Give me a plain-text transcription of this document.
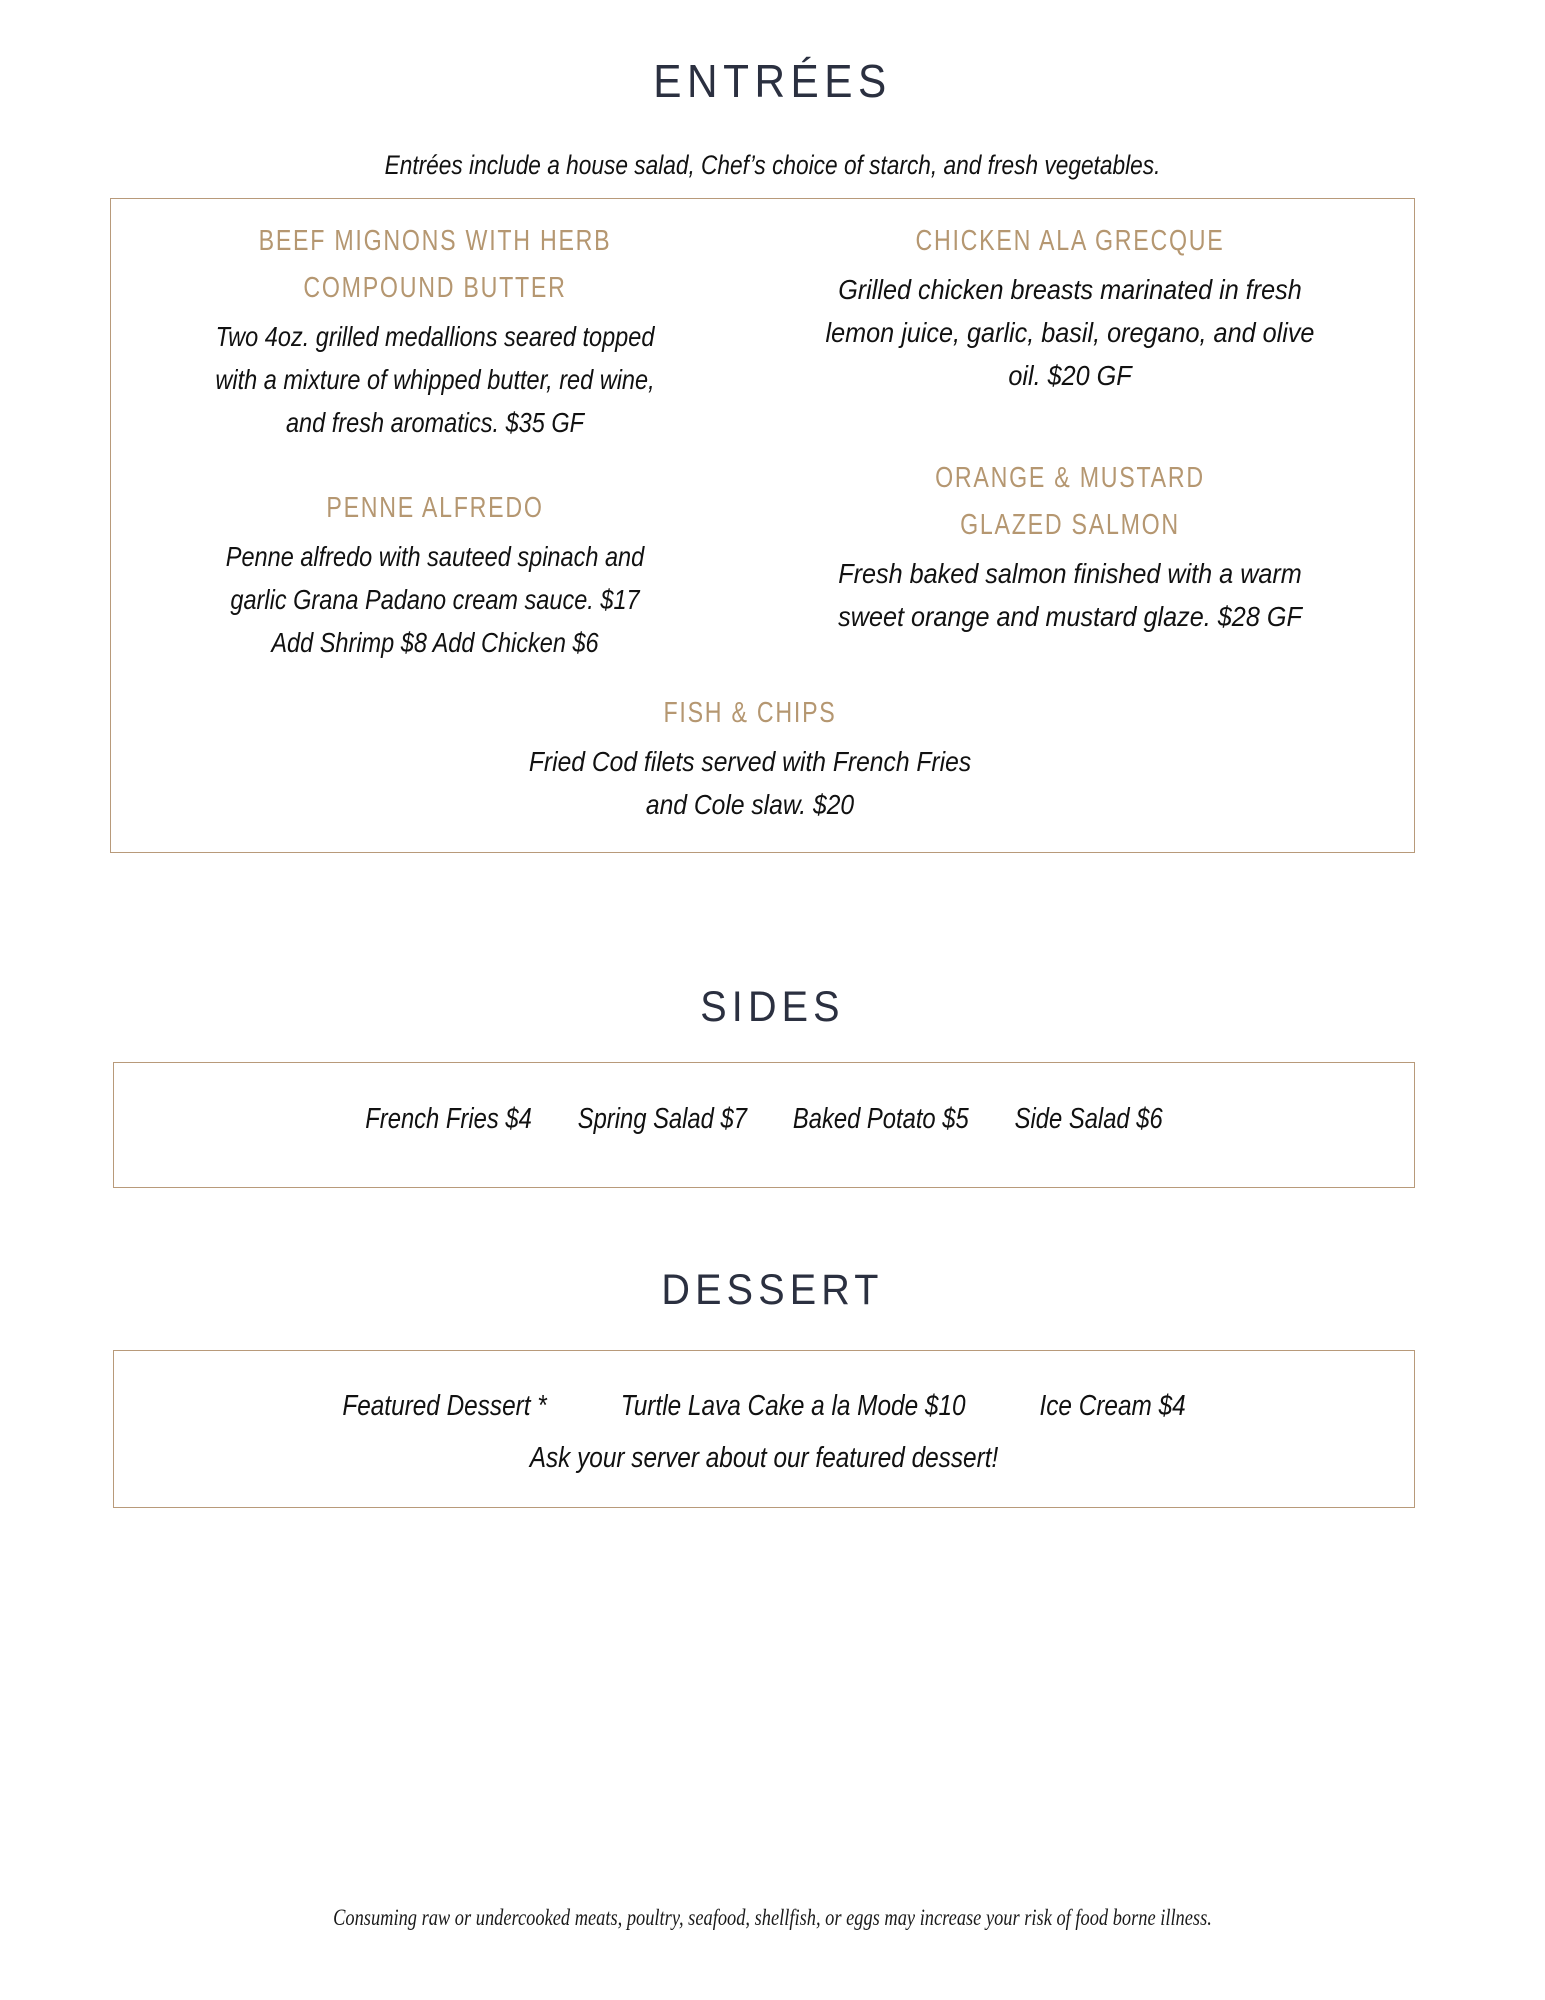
ENTRÉES
Entrées include a house salad, Chef’s choice of starch, and fresh vegetables.
BEEF MIGNONS WITH HERB
COMPOUND BUTTER
Two 4oz. grilled medallions seared topped
with a mixture of whipped butter, red wine,
and fresh aromatics. $35 GF
PENNE ALFREDO
Penne alfredo with sauteed spinach and
garlic Grana Padano cream sauce. $17
Add Shrimp $8 Add Chicken $6
CHICKEN ALA GRECQUE
Grilled chicken breasts marinated in fresh
lemon juice, garlic, basil, oregano, and olive
oil. $20 GF
ORANGE & MUSTARD
GLAZED SALMON
Fresh baked salmon finished with a warm
sweet orange and mustard glaze. $28 GF
FISH & CHIPS
Fried Cod filets served with French Fries
and Cole slaw. $20
SIDES
French Fries $4 Spring Salad $7 Baked Potato $5 Side Salad $6
DESSERT
Featured Dessert *	Turtle Lava Cake a la Mode $10	Ice Cream $4
Ask your server about our featured dessert!
Consuming raw or undercooked meats, poultry, seafood, shellfish, or eggs may increase your risk of food borne illness.
